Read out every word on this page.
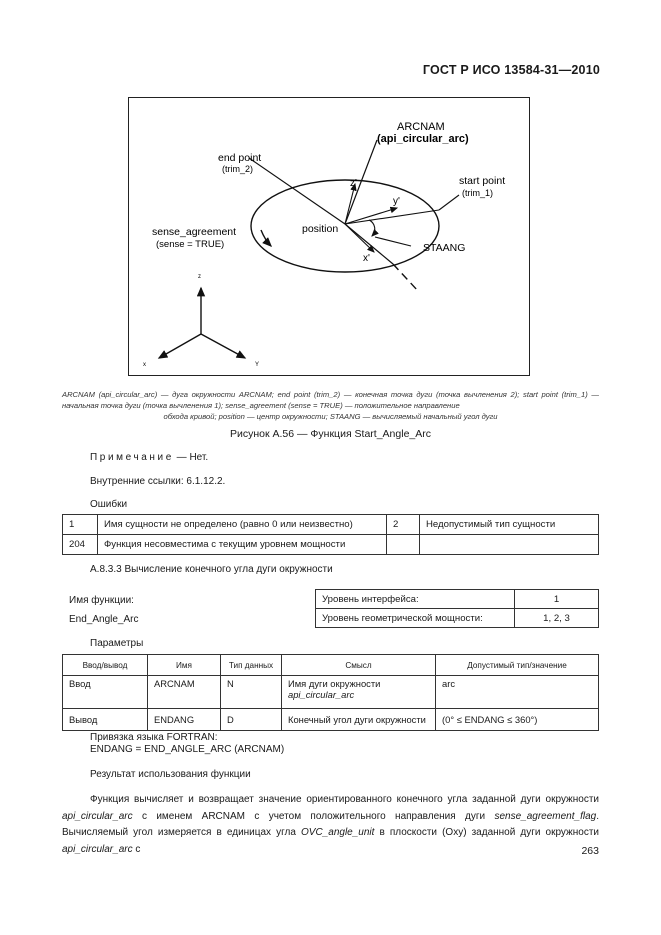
ГОСТ Р ИСО 13584-31—2010
ARCNAM
(api_circular_arc)
end point
(trim_2)
start point
(trim_1)
z'
y'
x'
position
sense_agreement
(sense = TRUE)	STAANG
z
x	Y
ARCNAM (api_circular_arc) — дуга окружности ARCNAM; end point (trim_2) — конечная точка дуги (точка вычленения 2); start point (trim_1) — начальная точка дуги (точка вычленения 1); sense_agreement (sense = TRUE) — положительное направление
обхода кривой; position — центр окружности; STAANG — вычисляемый начальный угол дуги
Рисунок А.56 — Функция Start_Angle_Arc
Примечание — Нет.
Внутренние ссылки: 6.1.12.2.
Ошибки
1	Имя сущности не определено (равно 0 или неизвестно)	2	Недопустимый тип сущности
204	Функция несовместима с текущим уровнем мощности		
А.8.3.3 Вычисление конечного угла дуги окружности
Имя функции:
End_Angle_Arc
Уровень интерфейса:	1
Уровень геометрической мощности:	1, 2, 3
Параметры
Ввод/вывод	Имя	Тип данных	Смысл	Допустимый тип/значение
Ввод	ARCNAM	N	Имя дуги окружности api_circular_arc	arc
Вывод	ENDANG	D	Конечный угол дуги окружности	(0° ≤ ENDANG ≤ 360°)
Привязка языка FORTRAN:
ENDANG = END_ANGLE_ARC (ARCNAM)
Результат использования функции
Функция вычисляет и возвращает значение ориентированного конечного угла заданной дуги окружности api_circular_arc с именем ARCNAM с учетом положительного направления дуги sense_agreement_flag. Вычисляемый угол измеряется в единицах угла OVC_angle_unit в плоскости (Oxy) заданной дуги окружности api_circular_arc с	263
